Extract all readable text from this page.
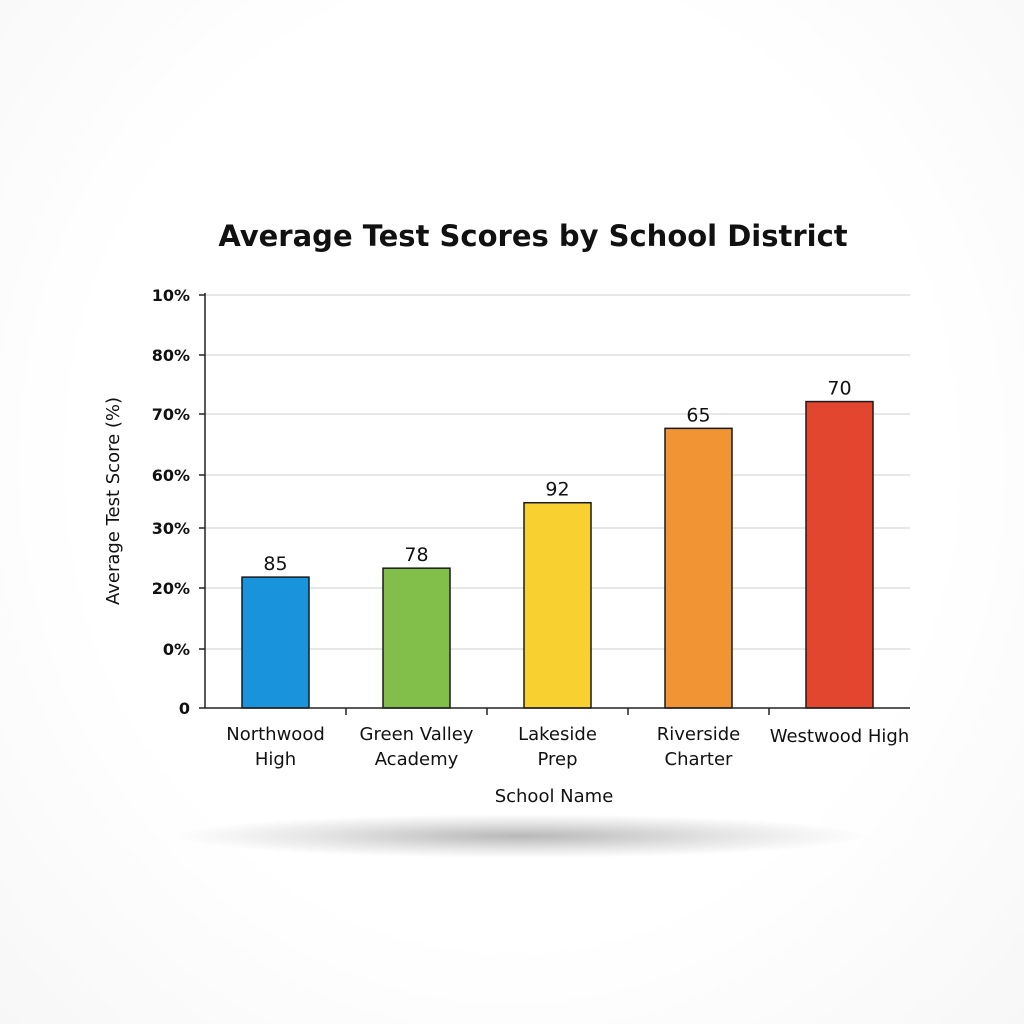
Average Test Scores by School District
0
0%
20%
30%
60%
70%
80%
10%
85	78
92
65
70
Northwood
High
Green Valley
Academy
Lakeside
Prep
Riverside
Charter
Westwood High
School Name
Average Test Score (%)
